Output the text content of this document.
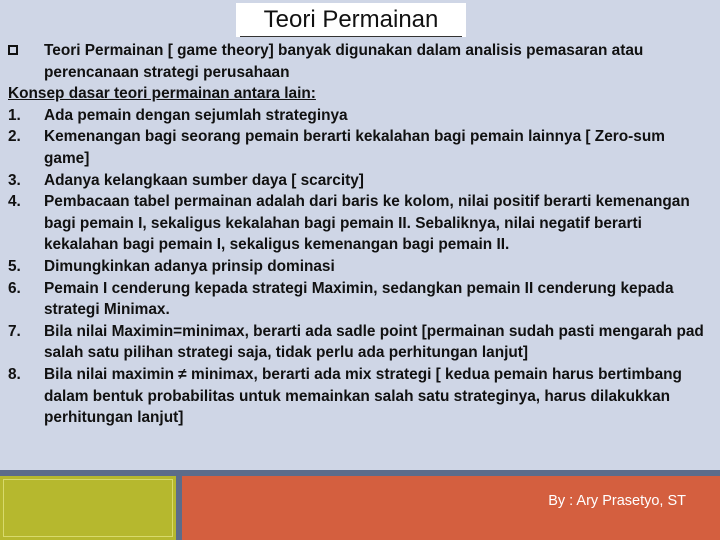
Teori Permainan
Teori Permainan [ game theory] banyak digunakan dalam analisis pemasaran atau perencanaan strategi perusahaan
Konsep dasar teori permainan antara lain:
1. Ada pemain dengan sejumlah strateginya
2. Kemenangan bagi seorang pemain berarti kekalahan bagi pemain lainnya [ Zero-sum game]
3. Adanya kelangkaan sumber daya [ scarcity]
4. Pembacaan tabel permainan adalah dari baris ke kolom, nilai positif berarti kemenangan bagi pemain I, sekaligus kekalahan bagi pemain II. Sebaliknya, nilai negatif berarti kekalahan bagi pemain I, sekaligus kemenangan bagi pemain II.
5. Dimungkinkan adanya prinsip dominasi
6. Pemain I cenderung kepada strategi Maximin, sedangkan pemain II cenderung kepada strategi Minimax.
7. Bila nilai Maximin=minimax, berarti ada sadle point [permainan sudah pasti mengarah pad salah satu pilihan strategi saja, tidak perlu ada perhitungan lanjut]
8. Bila nilai maximin ≠ minimax, berarti ada mix strategi [ kedua pemain harus bertimbang dalam bentuk probabilitas untuk memainkan salah satu strateginya, harus dilakukkan perhitungan lanjut]
By : Ary Prasetyo, ST
